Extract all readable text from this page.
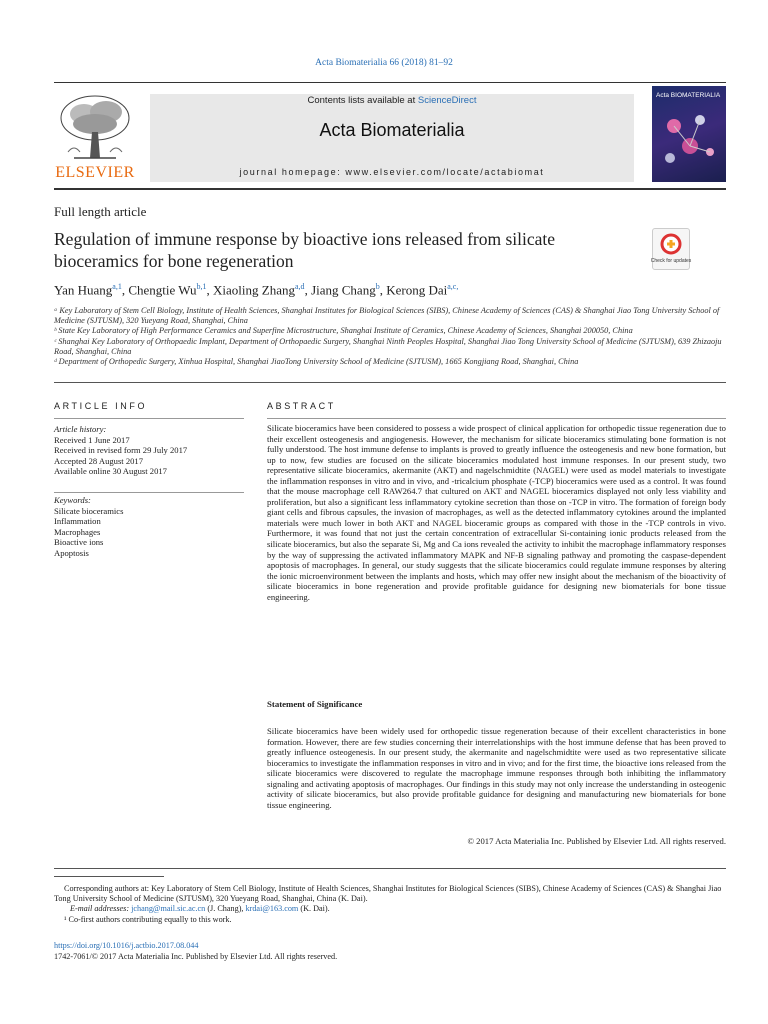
Acta Biomaterialia 66 (2018) 81–92
ELSEVIER
Contents lists available at ScienceDirect
Acta Biomaterialia
journal homepage: www.elsevier.com/locate/actabiomat
Acta BIOMATERIALIA
Full length article
Regulation of immune response by bioactive ions released from silicate bioceramics for bone regeneration	Check for updates
Yan Huang$^{a,1}$, Chengtie Wu$^{b,1}$, Xiaoling Zhang$^{a,d}$, Jiang Chang$^b$, Kerong Dai$^{a,c,}$

ᵃ Key Laboratory of Stem Cell Biology, Institute of Health Sciences, Shanghai Institutes for Biological Sciences (SIBS), Chinese Academy of Sciences (CAS) & Shanghai Jiao Tong University School of Medicine (SJTUSM), 320 Yueyang Road, Shanghai, China

ᵇ State Key Laboratory of High Performance Ceramics and Superfine Microstructure, Shanghai Institute of Ceramics, Chinese Academy of Sciences, Shanghai 200050, China

ᶜ Shanghai Key Laboratory of Orthopaedic Implant, Department of Orthopaedic Surgery, Shanghai Ninth Peoples Hospital, Shanghai Jiao Tong University School of Medicine (SJTUSM), 639 Zhizaoju Road, Shanghai, China

ᵈ Department of Orthopedic Surgery, Xinhua Hospital, Shanghai JiaoTong University School of Medicine (SJTUSM), 1665 Kongjiang Road, Shanghai, China

ARTICLE INFO

Article history:

Received 1 June 2017

Received in revised form 29 July 2017

Accepted 28 August 2017

Available online 30 August 2017

Keywords:

Silicate bioceramics

Inflammation

Macrophages

Bioactive ions

Apoptosis

ABSTRACT
Silicate bioceramics have been considered to possess a wide prospect of clinical application for orthopedic tissue regeneration due to their excellent osteogenesis and angiogenesis. However, the mechanism for silicate bioceramics stimulating bone formation is not fully understood. The host immune defense to implants is proved to greatly influence the osteogenesis and new bone formation, but up to now, few studies are focused on the silicate bioceramics modulated host immune responses. In our present study, two representative silicate bioceramics, akermanite (AKT) and nagelschmidtite (NAGEL) were used as model materials to investigate the inflammation responses in vitro and in vivo, and -tricalcium phosphate (-TCP) bioceramics were used as a control. It was found that the mouse macrophage cell RAW264.7 that cultured on AKT and NAGEL bioceramics displayed not only less viability and proliferation, but also a significant less inflammatory cytokine secretion than those on -TCP in vitro. The formation of foreign body giant cells and fibrous capsules, the invasion of macrophages, as well as the detected inflammatory cytokines around the implanted materials were much lower in both AKT and NAGEL bioceramic groups as compared with those in the -TCP controls in vivo. Furthermore, it was found that not just the certain concentration of extracellular Si-containing ionic products released from the silicate bioceramics, but also the separate Si, Mg and Ca ions revealed the activity to inhibit the macrophage inflammatory responses by the way of suppressing the activated inflammatory MAPK and NF-B signaling pathway and promoting the caspase-dependent apoptosis of macrophages. In general, our study suggests that the silicate bioceramics could regulate immune responses by altering the ionic microenvironment between the implants and hosts, which may offer new insight about the mechanism of the bioactivity of silicate bioceramics in bone regeneration and provide profitable guidance for designing new biomaterials for bone tissue engineering.
Statement of Significance
Silicate bioceramics have been widely used for orthopedic tissue regeneration because of their excellent characteristics in bone formation. However, there are few studies concerning their interrelationships with the host immune defense that has been proved to greatly influence osteogenesis. In our present study, the akermanite and nagelschmidtite were used as two representative silicate bioceramics to investigate the inflammation responses in vitro and in vivo; and for the first time, the bioactive ions released from the silicate bioceramics were discovered to regulate the macrophage immune responses through both inhibiting the inflammatory signaling and activating apoptosis of macrophages. Our findings in this study may not only increase the understanding in osteogenic activity of silicate bioceramics, but also provide profitable guidance for designing and manufacturing new biomaterials for bone tissue engineering.
© 2017 Acta Materialia Inc. Published by Elsevier Ltd. All rights reserved.

Corresponding authors at: Key Laboratory of Stem Cell Biology, Institute of Health Sciences, Shanghai Institutes for Biological Sciences (SIBS), Chinese Academy of Sciences (CAS) & Shanghai Jiao Tong University School of Medicine (SJTUSM), 320 Yueyang Road, Shanghai, China (K. Dai).

E-mail addresses: jchang@mail.sic.ac.cn (J. Chang), krdai@163.com (K. Dai).

¹ Co-first authors contributing equally to this work.

https://doi.org/10.1016/j.actbio.2017.08.044
1742-7061/© 2017 Acta Materialia Inc. Published by Elsevier Ltd. All rights reserved.
